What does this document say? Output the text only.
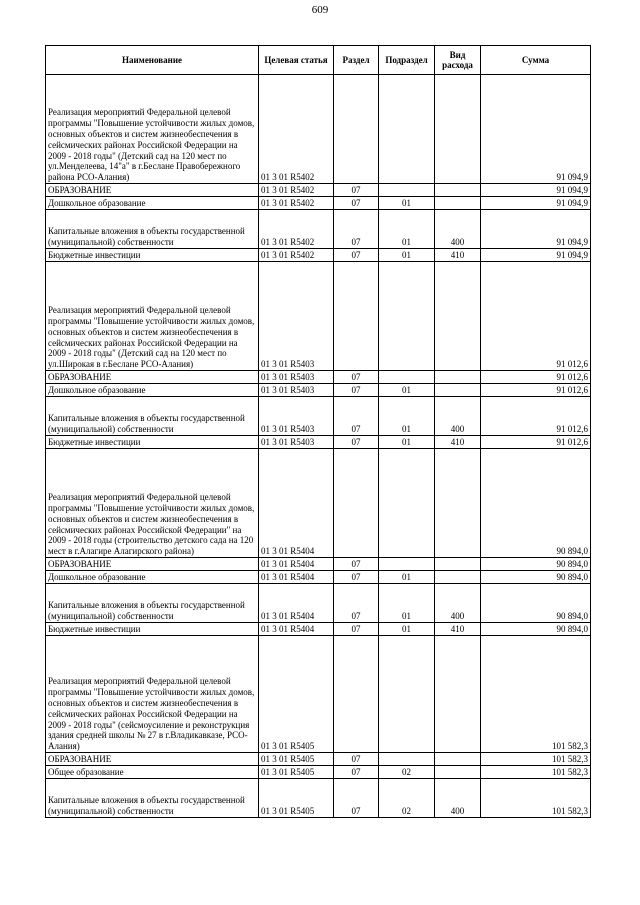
609
Наименование	Целевая статья	Раздел	Подраздел	Вид расхода	Сумма

Реализация мероприятий Федеральной целевой программы "Повышение устойчивости жилых домов, основных объектов и систем жизнеобеспечения в сейсмических районах Российской Федерации на 2009 - 2018 годы" (Детский сад на 120 мест по ул.Менделеева, 14"а" в г.Беслане Правобережного района РСО-Алания)	01 3 01 R5402				91 094,9

ОБРАЗОВАНИЕ	01 3 01 R5402	07			91 094,9

Дошкольное образование	01 3 01 R5402	07	01		91 094,9

Капитальные вложения в объекты государственной (муниципальной) собственности	01 3 01 R5402	07	01	400	91 094,9

Бюджетные инвестиции	01 3 01 R5402	07	01	410	91 094,9

Реализация мероприятий Федеральной целевой программы "Повышение устойчивости жилых домов, основных объектов и систем жизнеобеспечения в сейсмических районах Российской Федерации на 2009 - 2018 годы" (Детский сад на 120 мест по ул.Широкая в г.Беслане РСО-Алания)	01 3 01 R5403				91 012,6

ОБРАЗОВАНИЕ	01 3 01 R5403	07			91 012,6

Дошкольное образование	01 3 01 R5403	07	01		91 012,6

Капитальные вложения в объекты государственной (муниципальной) собственности	01 3 01 R5403	07	01	400	91 012,6

Бюджетные инвестиции	01 3 01 R5403	07	01	410	91 012,6

Реализация мероприятий Федеральной целевой программы "Повышение устойчивости жилых домов, основных объектов и систем жизнеобеспечения в сейсмических районах Российской Федерации" на 2009 - 2018 годы (строительство детского сада на 120 мест в г.Алагире Алагирского района)	01 3 01 R5404				90 894,0

ОБРАЗОВАНИЕ	01 3 01 R5404	07			90 894,0

Дошкольное образование	01 3 01 R5404	07	01		90 894,0

Капитальные вложения в объекты государственной (муниципальной) собственности	01 3 01 R5404	07	01	400	90 894,0

Бюджетные инвестиции	01 3 01 R5404	07	01	410	90 894,0

Реализация мероприятий Федеральной целевой программы "Повышение устойчивости жилых домов, основных объектов и систем жизнеобеспечения в сейсмических районах Российской Федерации на 2009 - 2018 годы" (сейсмоусиление и реконструкция здания средней школы № 27 в г.Владикавказе, РСО-Алания)	01 3 01 R5405				101 582,3

ОБРАЗОВАНИЕ	01 3 01 R5405	07			101 582,3

Общее образование	01 3 01 R5405	07	02		101 582,3

Капитальные вложения в объекты государственной (муниципальной) собственности	01 3 01 R5405	07	02	400	101 582,3
